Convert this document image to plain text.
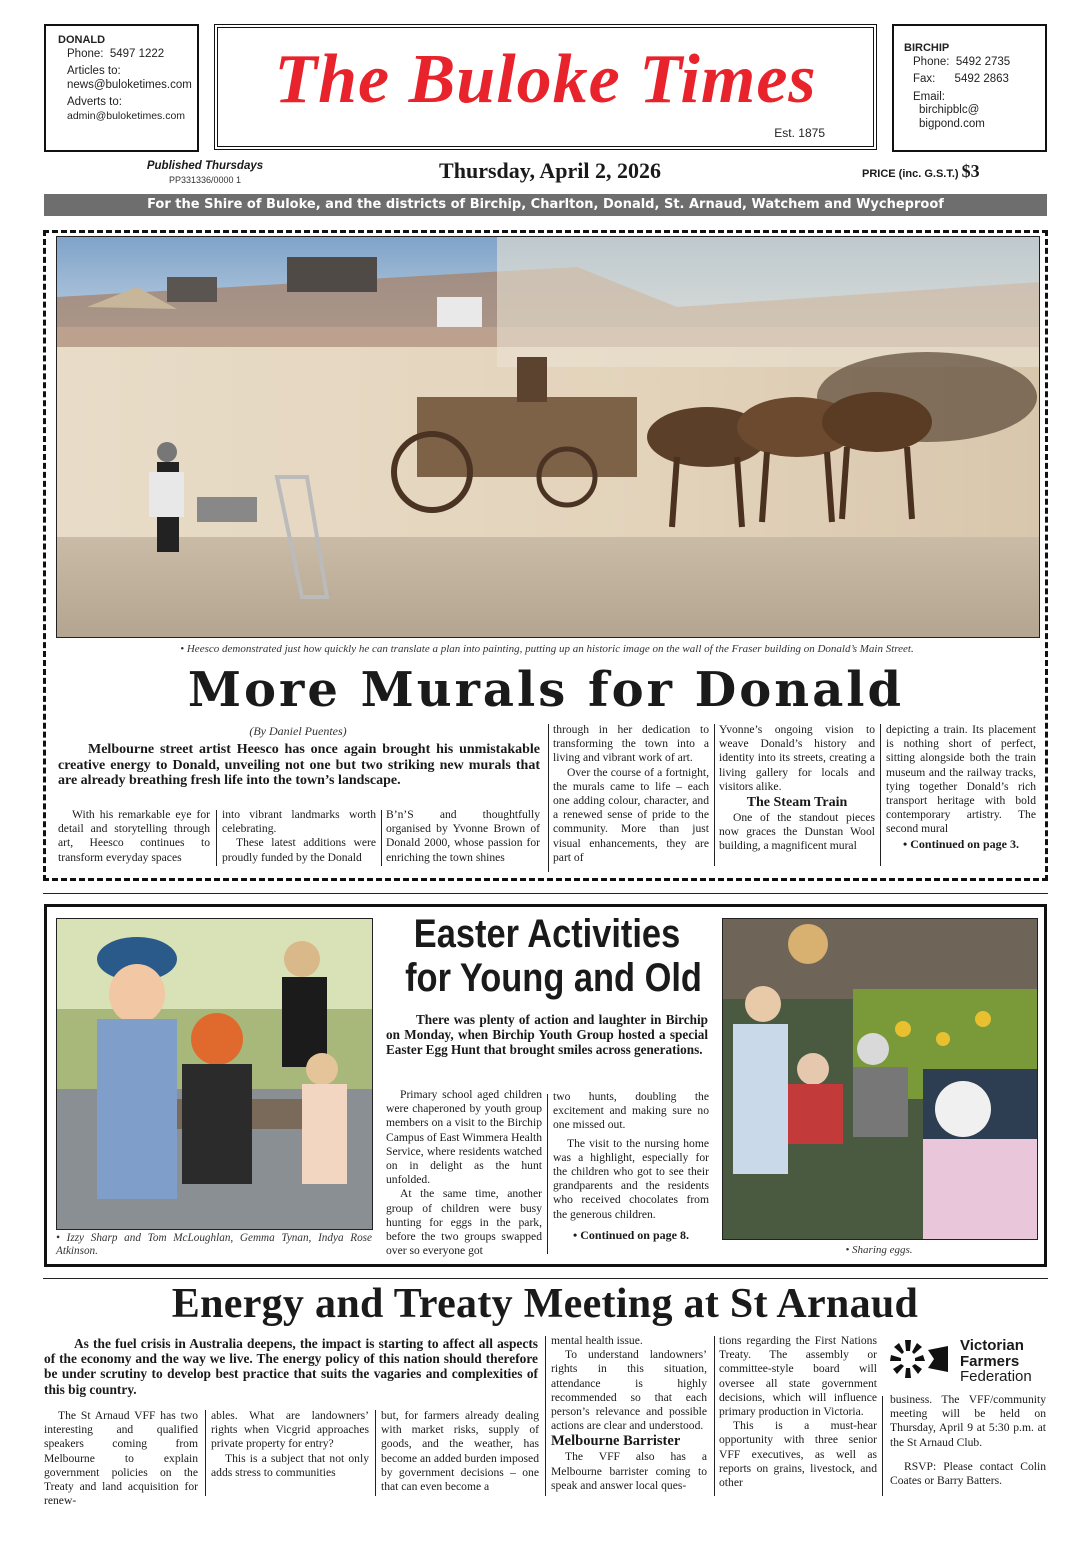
DONALD
Phone: 5497 1222
Articles to:
news@buloketimes.com
Adverts to:
admin@buloketimes.com	The Buloke Times
Est. 1875
BIRCHIP
Phone: 5492 2735
Fax: 5492 2863
Email:
birchipblc@
bigpond.com
Published Thursdays
PP331336/0000 1	Thursday, April 2, 2026	PRICE (inc. G.S.T.) $3
For the Shire of Buloke, and the districts of Birchip, Charlton, Donald, St. Arnaud, Watchem and Wycheproof
• Heesco demonstrated just how quickly he can translate a plan into painting, putting up an historic image on the wall of the Fraser building on Donald’s Main Street.
More Murals for Donald
(By Daniel Puentes)

Melbourne street artist Heesco has once again brought his unmistakable creative energy to Donald, unveiling not one but two striking new murals that are already breathing fresh life into the town’s landscape.

With his remarkable eye for detail and storytelling through art, Heesco continues to transform everyday spaces

into vibrant landmarks worth celebrating.

These latest additions were proudly funded by the Donald

B’n’S and thoughtfully organised by Yvonne Brown of Donald 2000, whose passion for enriching the town shines

through in her dedication to transforming the town into a living and vibrant work of art.

Over the course of a fortnight, the murals came to life – each one adding colour, character, and a renewed sense of pride to the community. More than just visual enhancements, they are part of

Yvonne’s ongoing vision to weave Donald’s history and identity into its streets, creating a living gallery for locals and visitors alike.

The Steam Train

One of the standout pieces now graces the Dunstan Wool building, a magnificent mural

depicting a train. Its placement is nothing short of perfect, sitting alongside both the train museum and the railway tracks, tying together Donald’s rich transport heritage with bold contemporary artistry. The second mural

• Continued on page 3.

• Izzy Sharp and Tom McLoughlan, Gemma Tynan, Indya Rose Atkinson.
Easter Activities
for Young and Old

There was plenty of action and laughter in Birchip on Monday, when Birchip Youth Group hosted a special Easter Egg Hunt that brought smiles across generations.

Primary school aged children were chaperoned by youth group members on a visit to the Birchip Campus of East Wimmera Health Service, where residents watched on in delight as the hunt unfolded.

At the same time, another group of children were busy hunting for eggs in the park, before the two groups swapped over so everyone got

two hunts, doubling the excitement and making sure no one missed out.

The visit to the nursing home was a highlight, especially for the children who got to see their grandparents and the residents who received chocolates from the generous children.

• Continued on page 8.

• Sharing eggs.
Energy and Treaty Meeting at St Arnaud

As the fuel crisis in Australia deepens, the impact is starting to affect all aspects of the economy and the way we live. The energy policy of this nation should therefore be under scrutiny to develop best practice that suits the vagaries and complexities of this big country.

The St Arnaud VFF has two interesting and qualified speakers coming from Melbourne to explain government policies on the Treaty and land acquisition for renew-

ables. What are landowners’ rights when Vicgrid approaches private property for entry?

This is a subject that not only adds stress to communities

but, for farmers already dealing with market risks, supply of goods, and the weather, has become an added burden imposed by government decisions – one that can even become a

mental health issue.

To understand landowners’ rights in this situation, attendance is highly recommended so that each person’s relevance and possible actions are clear and understood.

Melbourne Barrister

The VFF also has a Melbourne barrister coming to speak and answer local ques-

tions regarding the First Nations Treaty. The assembly or committee-style board will oversee all state government decisions, which will influence primary production in Victoria.

This is a must-hear opportunity with three senior VFF executives, as well as reports on grains, livestock, and other

Victorian
Farmers
Federation

business. The VFF/community meeting will be held on Thursday, April 9 at 5:30 p.m. at the St Arnaud Club.

RSVP: Please contact Colin Coates or Barry Batters.
